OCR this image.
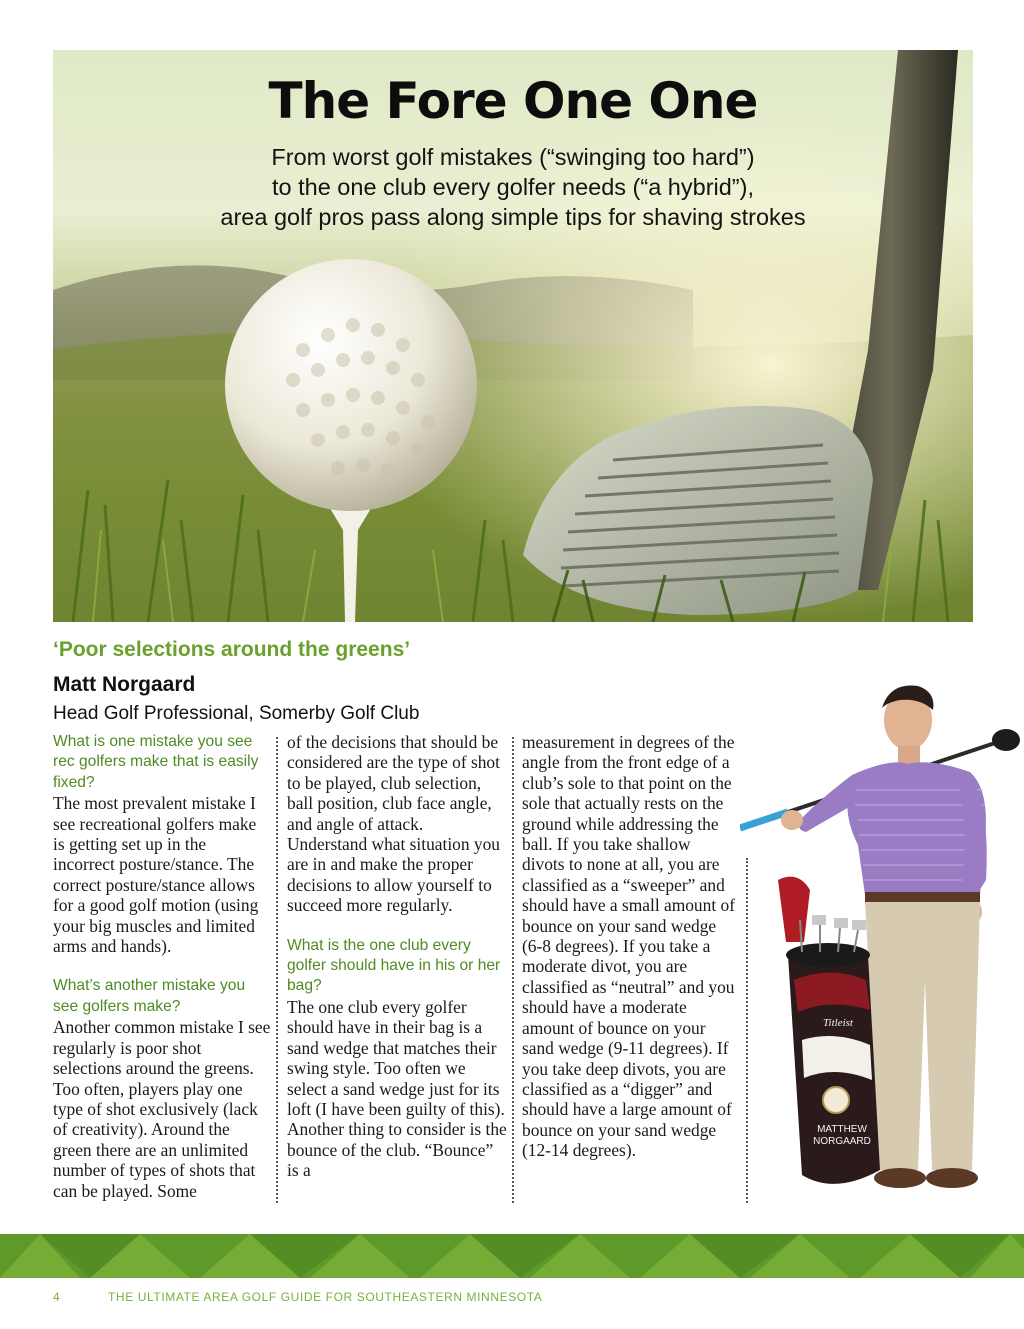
The Fore One One
From worst golf mistakes (“swinging too hard”)
to the one club every golfer needs (“a hybrid”),
area golf pros pass along simple tips for shaving strokes
‘Poor selections around the greens’
Matt Norgaard
Head Golf Professional, Somerby Golf Club

What is one mistake you see rec golfers make that is easily fixed?

The most prevalent mistake I see recreational golfers make is getting set up in the incorrect posture/stance. The correct posture/stance allows for a good golf motion (using your big muscles and limited arms and hands).

What’s another mistake you see golfers make?

Another common mistake I see regularly is poor shot selections around the greens. Too often, players play one type of shot exclusively (lack of creativity). Around the green there are an unlimited number of types of shots that can be played. Some

of the decisions that should be considered are the type of shot to be played, club selection, ball position, club face angle, and angle of attack. Understand what situation you are in and make the proper decisions to allow yourself to succeed more regularly.

What is the one club every golfer should have in his or her bag?

The one club every golfer should have in their bag is a sand wedge that matches their swing style. Too often we select a sand wedge just for its loft (I have been guilty of this). Another thing to consider is the bounce of the club. “Bounce” is a

measurement in degrees of the angle from the front edge of a club’s sole to that point on the sole that actually rests on the ground while addressing the ball. If you take shallow divots to none at all, you are classified as a “sweeper” and should have a small amount of bounce on your sand wedge (6-8 degrees). If you take a moderate divot, you are classified as “neutral” and you should have a moderate amount of bounce on your sand wedge (9-11 degrees). If you take deep divots, you are classified as a “digger” and should have a large amount of bounce on your sand wedge (12-14 degrees).

MATTHEW
NORGAARD
Titleist
4	THE ULTIMATE AREA GOLF GUIDE FOR SOUTHEASTERN MINNESOTA
